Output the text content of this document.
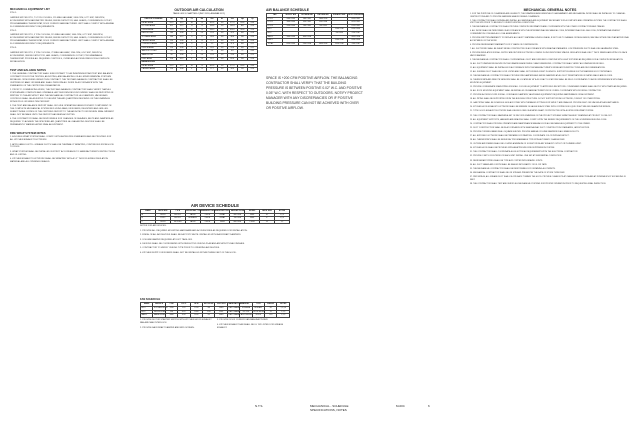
MECHANICAL EQUIPMENT LIST
RTU-1:
CARRIER 48TCED RTU, 7.5 TON COOLING, 155 MBH GAS HEAT, 2400 CFM, 0.75" ESP, 208V/3PH, ECONOMIZER WITH BAROMETRIC RELIEF, SMOKE DETECTOR, HAIL GUARD, CONVENIENCE OUTLET, PROGRAMMABLE THERMOSTAT, ROOF CURB BY MANUFACTURER. UNIT SHALL COMPLY WITH ASHRAE 90.1 MINIMUM EFFICIENCY REQUIREMENTS.
RTU-2:
CARRIER 48TCED RTU, 5 TON COOLING, 115 MBH GAS HEAT, 1600 CFM, 0.75" ESP, 208V/3PH, ECONOMIZER WITH BAROMETRIC RELIEF, SMOKE DETECTOR, HAIL GUARD, CONVENIENCE OUTLET, PROGRAMMABLE THERMOSTAT, ROOF CURB BY MANUFACTURER. UNIT SHALL COMPLY WITH ASHRAE 90.1 MINIMUM EFFICIENCY REQUIREMENTS.
RTU-3:
CARRIER 48TCED RTU, 3 TON COOLING, 72 MBH GAS HEAT, 1200 CFM, 0.50" ESP, 208V/1PH, ECONOMIZER, SMOKE DETECTOR, HAIL GUARD, CONVENIENCE OUTLET, PROGRAMMABLE THERMOSTAT. PROVIDE ALL REQUIRED CONTROLS, CURBS AND ACCESSORIES FOR A COMPLETE INSTALLATION.
TEST AND BALANCE NOTES
1. THE GENERAL CONTRACTOR SHALL SUBCONTRACT TO AN INDEPENDENT AIR TEST AND BALANCE CONTRACTOR FOR THE TESTING, ADJUSTING, AND BALANCING OF ALL ENVIRONMENTAL SYSTEMS INSTALLED OR MODIFIED UNDER THIS CONTRACT. THE TEST AND BALANCE CONTRACTOR SHALL BE CERTIFIED BY AABC OR NEBB AND SHALL PERFORM ALL WORK IN ACCORDANCE WITH THE STANDARDS OF THE CERTIFYING ORGANIZATION.
2. PRIOR TO COMMENCING WORK, THE TEST AND BALANCE CONTRACTOR SHALL VERIFY THAT ALL SYSTEMS ARE COMPLETE AND OPERABLE. ANY DEFICIENCIES DISCOVERED SHALL BE REPORTED IN WRITING TO THE ARCHITECT AND THE MECHANICAL CONTRACTOR. ALL DAMPERS, VALVES AND CONTROLS SHALL BE ADJUSTED TO DELIVER THE AIR QUANTITIES INDICATED ON THE DRAWINGS WITHIN PLUS OR MINUS TEN PERCENT.
3. THE TEST AND BALANCE REPORT SHALL INCLUDE OPERATING DATA FOR EVERY COMPONENT OF THE COMPLETE MECHANICAL SYSTEM INCLUDING FANS, DIFFUSERS, REGISTERS AND GRILLES. SUBMIT THREE COPIES OF THE CERTIFIED REPORT TO THE ARCHITECT FOR REVIEW. FINAL PAYMENT SHALL NOT BE MADE UNTIL THE REPORT HAS BEEN ACCEPTED.
4. THE CONTRACTOR SHALL BE RESPONSIBLE FOR CHANGES OF SHEAVES, BELTS AND DAMPERS AS REQUIRED TO ACHIEVE THE SPECIFIED AIR QUANTITIES. ALL BALANCING DEVICES SHALL BE PERMANENTLY MARKED AFTER FINAL ADJUSTMENT.
FIRE WRAP SYSTEM NOTES
1. A DOUBLE WRAP SYSTEM SHALL COMPLY WITH ASTM E2336 STANDARDS AND BE PROVIDED FOR ALL KITCHEN EXHAUST DUCTWORK.
2. APPLICABLE DUCTS - GREASE DUCTS SHALL BE THERMALLY WRAPPED, CONTINUOUS FROM HOOD TO ROOF.
3. WRAP SYSTEM SHALL BE INSTALLED IN STRICT ACCORDANCE TO MANUFACTURER'S INSTRUCTIONS AND UL LISTING.
4. KITCHEN EXHAUST DUCTWORK SHALL BE WRAPPED WITH A 1.5" THICK FLEXIBLE INSULATION MATERIAL AND ALL OPENINGS SEALED.
OUTDOOR AIR CALCULATION
TABLE 403.3 CHAPTER 4 (IMC 2018, ASHRAE 62.1)
DESCRIPTION/AREA	Az	Rp	Pz	Ra	Vbz	Ez	Voz	Vpz	Zp
RETAIL AREA	1972	0.12	30	7.5	461.6	0.8	577.0	1600	0.36
KITCHEN AREA	622	0.12	12	7.5	164.6	0.8	205.8	800	0.26
DINING AREA	1105	0.18	40	7.5	498.9	0.8	623.6	2400	0.26
RESTROOMS	180	0.06	2	5.0	25.8	0.8	32.3	200	0.16
STORAGE AREA	240	0.12	0	0	28.8	0.8	36.0	150	0.24
CASHIER AREA	120	0.06	4	7.5	27.2	0.8	34.0	120	0.28
CORRIDOR AREA	155	0.06	0	0	9.3	0.8	11.6	100	0.12
OFFICE AREA	110	0.06	2	5.0	16.6	0.8	20.8	100	0.21
JANITOR CLOSET	45	0.12	0	0	5.4	0.8	6.8	75	0.09
SAME ROOM	90	0.06	1	5.0	10.4	0.8	13.0	100	0.13
PREP AREA	210	0.12	4	7.5	55.2	0.8	69.0	250	0.28
BREAKROOMS									
RETAIL AREA	1972	0.12	30	7.5	461.6	0.8	577.0	1600	0.36
CASHIER AREA	120	0.06	4	7.5	27.2	0.8	34.0	120	0.28
AIR BALANCE SCHEDULE
TAG	SUPPLY AIR	OUTSIDE AIR	RETURN AIR	EXHAUST AIR	BLDG PRESSURE
RTU-1	2400 CFM	600 CFM	1800 CFM		+600 CFM
RTU-2	1600 CFM	450 CFM	1150 CFM		+450 CFM
RTU-3	1200 CFM	300 CFM	900 CFM		+300 CFM
EF-1				1200 CFM	-1200 CFM
EF-2				150 CFM	-150 CFM
MAU-1	1000 CFM	1000 CFM			+1000 CFM
KEF-1				1200 CFM	-1200 CFM
TOTAL	6200 CFM	2350 CFM	3850 CFM	2550 CFM	-200 CFM
SPACE IS +200 CFM POSITIVE AIRFLOW. THE BALANCING CONTRACTOR SHALL VERIFY THAT THE BUILDING PRESSURE IS BETWEEN POSITIVE 0.02" W.C. AND POSITIVE 0.05" W.C. WITH RESPECT TO OUTDOORS. NOTIFY PROJECT MANAGER WITH ANY DISCREPANCIES OR IF POSITIVE BUILDING PRESSURE CAN NOT BE ACHIEVED WITH OVER OR POSITIVE AIRFLOW.
AIR DEVICE SCHEDULE
MARK	FACE SIZE	TYPE	MOUNTING TYPE	MANUFACTURER	DESCRIPTION	MAX AIR FLOW	MODEL	NECK SIZE	NOTES
A	24X24	SUPPLY	LAY-IN	PRICE	4-WAY	400 CFM	SMD	10"	1,2,3
B	12X12	SUPPLY	SURFACE	PRICE	4-WAY	150 CFM	SMD	6"	1,2,3
C	24X24	RETURN	LAY-IN	PRICE	PERF	800 CFM	PDDR	14"	1,2
NOTES FOR AIR DEVICES:
1. PROVIDE ALL REQUIRED MOUNTING HARDWARE AND ACCESSORIES AS REQUIRED FOR INSTALLATION.
2. FINISH OF ALL AIR DEVICES SHALL BE FACTORY WHITE. INSTALLED WITH BACKDRAFT DAMPERS.
3. VOLUME DAMPER REQUIRED AT DUCT TAKE-OFF.
4. DEVICES SHALL BE COORDINATED WITH REFLECTED CEILING PLAN AND ARCHITECTURAL FINISHES.
5. CONTRACTOR TO VERIFY CEILING TYPE PRIOR TO ORDERING AIR DEVICES.
6. KITCHEN SUPPLY DIFFUSERS SHALL NOT BE INSTALLED WITHIN THREE FEET OF THE HOOD.
FAN SCHEDULE
MARK	SERVICE	CFM	E.S.P.	RPM	MOTOR HP	VOLTS/PH	MANUFACTURER	MODEL	TYPE	WEIGHT	NOTES
EF-1	KITCHEN HOOD	1200	1.25"	1250	3/4	208/3	CAPTIVEAIRE	DU50HFA	UPBLAST	85	1,2,3,4
EF-2	RESTROOMS	150	0.25"	1050	1/10	120/1	CAPTIVEAIRE	DU 12D	ROOF MOUNT	25	1,2,3
MAU-1	MAKE-UP AIR	1000	0.50"	1100	1/2	208/3	CAPTIVEAIRE	A1-D.500-G10	ROOF	210	1,2,3
1. PROVIDE MOTOR STARTER SWITCH WITH KITCHEN HOOD EXHAUST FAN AND MAU INTERLOCK.
2. PROVIDE BACKDRAFT DAMPER AND BIRD SCREEN.
3. PROVIDE ROOF CURB BY FAN MANUFACTURER.
4. KITCHEN EXHAUST FAN SHALL BE UL 762 LISTED FOR GREASE EXHAUST.
MECHANICAL GENERAL NOTES
1. FOR THE PURPOSE OF CLEARNESS AND LEGIBILITY, THE DRAWINGS ARE ESSENTIALLY DIAGRAMMATIC AND MECHANICAL WORK SHALL BE INSTALLED TO CLEAR ALL OBSTRUCTIONS AND TO PROVIDE MAXIMUM HEADROOM AND CLEARANCE.
2. THE CONTRACTOR SHALL FURNISH AND INSTALL ALL MATERIALS AND EQUIPMENT NECESSARY FOR A COMPLETE AND OPERATING SYSTEM. THE CONTRACTOR SHALL VISIT THE SITE PRIOR TO BIDDING TO VERIFY EXISTING CONDITIONS.
3. THE MECHANICAL CONTRACTOR SHALL PROVIDE COMPLETE INFORMATION AND COORDINATE WITH THE OTHER CONTRACTORS AND TRADES.
4. ALL WORK SHALL BE PERFORMED IN ACCORDANCE WITH THE INTERNATIONAL MECHANICAL CODE, INTERNATIONAL FUEL GAS CODE, INTERNATIONAL ENERGY CONSERVATION CODE AND ALL LOCAL AMENDMENTS.
5. PROVIDE WRITTEN WARRANTY TO REPLACE ALL FAULTY MATERIALS WHICH USAGE, IF NOT DUE TO DAMAGE OR NEGLIGENCE, MAY FAIL WITHIN ONE YEAR AFTER FINAL ACCEPTANCE OF THE WORK.
6. PROVIDE REFRIGERANT WARRANTY FOR 5 YEARS ON COMPRESSORS.
7. ALL DUCTWORK SHALL BE SHEET METAL CONSTRUCTED IN ACCORDANCE WITH SMACNA STANDARDS. LOW PRESSURE DUCTS SHALL BE GALVANIZED STEEL.
8. PROVIDE INSULATION FOR ALL SUPPLY AND RETURN DUCTWORK LOCATED IN UNCONDITIONED SPACES. INSULATION SHALL BE 2" THICK FIBERGLASS WITH FOIL FACE VAPOR BARRIER.
9. THE MECHANICAL CONTRACTOR SHALL COORDINATE ALL DUCT AND DIFFUSER LOCATIONS WITH LIGHT FIXTURES AS REQUIRED FOR A COMPLETE INSTALLATION.
10. ALL DUCT DIMENSIONS SHOWN ON THE DRAWINGS ARE INSIDE CLEAR DIMENSIONS. CONTRACTOR SHALL VERIFY ALL DIMENSIONS IN FIELD.
11. ALL EQUIPMENT SHALL BE INSTALLED IN ACCORDANCE WITH THE MANUFACTURER'S INSTALLATION INSTRUCTIONS AND RECOMMENDATIONS.
12. ALL FLEXIBLE DUCT SHALL BE UL 181 LISTED AND SHALL NOT EXCEED 6 FEET IN LENGTH. SUPPORT FLEXIBLE DUCT AT MAXIMUM 4 FOOT INTERVALS.
13. THE MECHANICAL CONTRACTOR SHALL PROVIDE FIRE DAMPERS AND SMOKE DAMPERS AT ALL DUCT PENETRATIONS OF RATED WALLS AND FLOORS.
14. THERMOSTATS AND REMOTE SENSORS SHALL BE LOCATED AT 48" A.F.F. EXACT LOCATIONS SHALL BE FIELD COORDINATED TO AVOID INTERFERENCE WITH WALL MOUNTED EQUIPMENT.
15. PROVIDE CONDENSATE DRAIN PIPING FROM ALL COOLING EQUIPMENT TO APPROVED RECEPTORS. CONDENSATE DRAINS SHALL BE PVC WITH TRAPS AS REQUIRED.
16. ALL ROOF MOUNTED EQUIPMENT SHALL BE INSTALLED ON MANUFACTURER'S ROOF CURBS. COORDINATE WITH ROOFING CONTRACTOR.
17. PROVIDE ACCESS DOORS FOR ALL CONCEALED DAMPERS, VALVES AND EQUIPMENT REQUIRING MAINTENANCE OR ADJUSTMENT.
18. ALL PIPING SHALL BE SUPPORTED FROM THE BUILDING STRUCTURE. DO NOT SUPPORT FROM DUCTWORK, CONDUIT OR OTHER PIPING.
19. GAS PIPING SHALL BE SCHEDULE 40 BLACK STEEL WITH THREADED FITTINGS FOR SIZES 2" AND SMALLER. PROVIDE SHUT-OFF VALVES AT EACH APPLIANCE.
20. KITCHEN HOOD EXHAUST DUCTWORK SHALL BE MINIMUM 16 GAUGE BLACK STEEL WITH CONTINUOUS LIQUID-TIGHT WELDED SEAMS PER NFPA 96.
21. TYPE I HOOD EXHAUST DUCTWORK SHALL BE ENCLOSED IN A RATED SHAFT OR PROTECTED WITH A LISTED FIRE WRAP SYSTEM.
22. THE CONTRACTOR SHALL MAINTAIN A SET OF RECORD DRAWINGS ON THE PROJECT SITE AND SUBMIT AS-BUILT DRAWINGS AT PROJECT CLOSE-OUT.
23. ALL EQUIPMENT SUPPORTS, HANGERS AND BRACING SHALL COMPLY WITH THE SEISMIC REQUIREMENTS OF THE GOVERNING BUILDING CODE.
24. CONTRACTOR SHALL PROVIDE OPERATION AND MAINTENANCE MANUALS FOR ALL MECHANICAL EQUIPMENT TO THE OWNER.
25. DUCT CONSTRUCTION SHALL BE IN ACCORDANCE WITH SMACNA HVAC DUCT CONSTRUCTION STANDARDS, LATEST EDITION.
26. PROVIDE TURNING VANES IN ALL SQUARE ELBOWS. PROVIDE MANUAL VOLUME DAMPERS IN ALL BRANCH DUCTS.
27. ALL EXPOSED DUCTWORK SHALL BE PREPARED FOR PAINTING. COORDINATE COLOR WITH ARCHITECT.
28. ALL THERMOSTATS SHALL BE SEVEN DAY PROGRAMMABLE TYPE WITH AUTOMATIC CHANGEOVER.
29. OUTSIDE AIR INTAKES SHALL BE LOCATED A MINIMUM OF 10 FEET FROM ANY EXHAUST OUTLET OR PLUMBING VENT.
30. KITCHEN HOOD SHALL BE PROVIDED WITH AN APPROVED FIRE SUPPRESSION SYSTEM.
31. THE CONTRACTOR SHALL COORDINATE ALL ELECTRICAL REQUIREMENTS WITH THE ELECTRICAL CONTRACTOR.
32. PROVIDE 3 SETS OF FILTERS FOR EACH UNIT. INSTALL ONE SET AT SUBSTANTIAL COMPLETION.
33. REFRIGERANT PIPING SHALL BE TYPE ACR COPPER WITH BRAZED JOINTS.
34. ALL DUCT SEAMS AND JOINTS SHALL BE SEALED WITH MASTIC OR UL 181 TAPE.
35. THE MECHANICAL CONTRACTOR SHALL BE RESPONSIBLE FOR OBTAINING ALL PERMITS.
36. MECHANICAL CONTRACTOR SHALL BE ON SITE AND PRESENT AT THE DATE OF STORE TURNOVER.
37. PER NFPA 96, ALL GREASE DUCT SHALL SLOPE BACK TOWARD THE HOOD. PROVIDE CLEANOUTS AT CHANGES IN DIRECTION AND AT INTERVALS NOT EXCEEDING 20 FEET.
38. THE CONTRACTOR SHALL TEST AND VERIFY ALL MECHANICAL SYSTEMS FOR PROPER OPERATION PRIOR TO REQUESTING FINAL INSPECTION.
N.T.S.	MECHANICAL - SCHEDULE
SPECIFICATIONS, NOTES
M-004	6
